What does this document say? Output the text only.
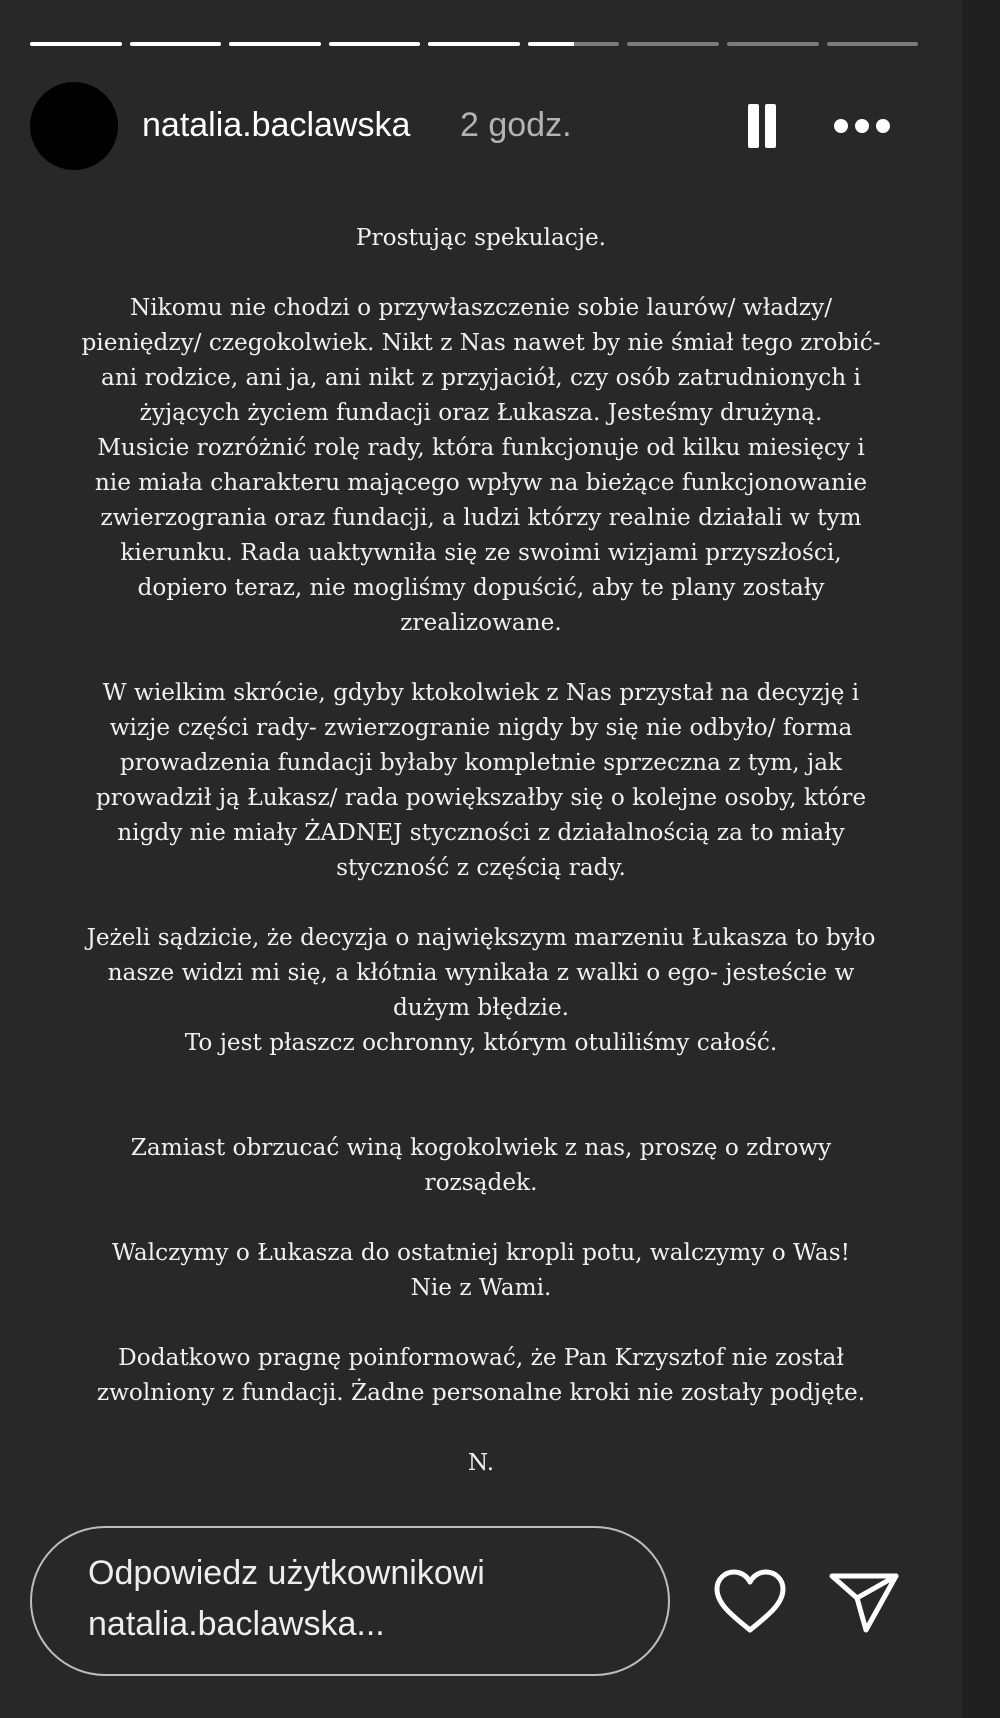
natalia.baclawska 2 godz.

Prostując spekulacje.

Nikomu nie chodzi o przywłaszczenie sobie laurów/ władzy/

pieniędzy/ czegokolwiek. Nikt z Nas nawet by nie śmiał tego zrobić-

ani rodzice, ani ja, ani nikt z przyjaciół, czy osób zatrudnionych i

żyjących życiem fundacji oraz Łukasza. Jesteśmy drużyną.

Musicie rozróżnić rolę rady, która funkcjonuje od kilku miesięcy i

nie miała charakteru mającego wpływ na bieżące funkcjonowanie

zwierzogrania oraz fundacji, a ludzi którzy realnie działali w tym

kierunku. Rada uaktywniła się ze swoimi wizjami przyszłości,

dopiero teraz, nie mogliśmy dopuścić, aby te plany zostały

zrealizowane.

W wielkim skrócie, gdyby ktokolwiek z Nas przystał na decyzję i

wizje części rady- zwierzogranie nigdy by się nie odbyło/ forma

prowadzenia fundacji byłaby kompletnie sprzeczna z tym, jak

prowadził ją Łukasz/ rada powiększałby się o kolejne osoby, które

nigdy nie miały ŻADNEJ styczności z działalnością za to miały

styczność z częścią rady.

Jeżeli sądzicie, że decyzja o największym marzeniu Łukasza to było

nasze widzi mi się, a kłótnia wynikała z walki o ego- jesteście w

dużym błędzie.

To jest płaszcz ochronny, którym otuliliśmy całość.

Zamiast obrzucać winą kogokolwiek z nas, proszę o zdrowy

rozsądek.

Walczymy o Łukasza do ostatniej kropli potu, walczymy o Was!

Nie z Wami.

Dodatkowo pragnę poinformować, że Pan Krzysztof nie został

zwolniony z fundacji. Żadne personalne kroki nie zostały podjęte.

N.

Odpowiedz użytkownikowi
natalia.baclawska...
